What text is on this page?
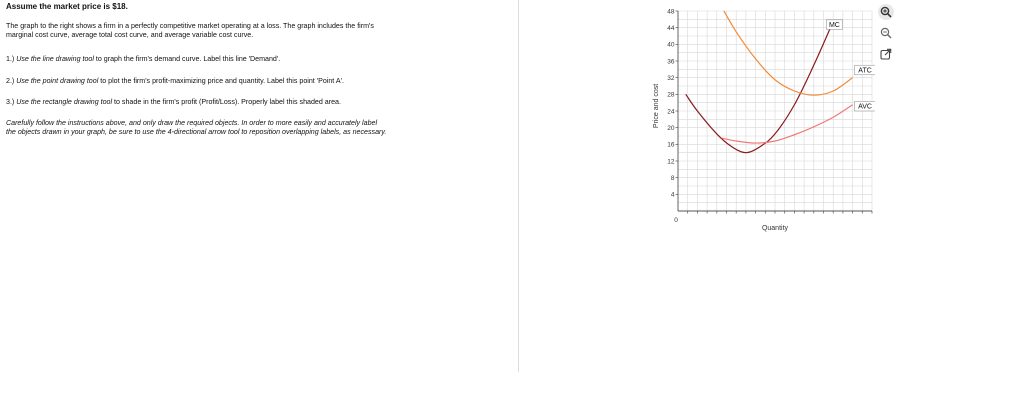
Assume the market price is $18.

The graph to the right shows a firm in a perfectly competitive market operating at a loss. The graph includes the firm's
marginal cost curve, average total cost curve, and average variable cost curve.

1.) Use the line drawing tool to graph the firm's demand curve. Label this line 'Demand'.

2.) Use the point drawing tool to plot the firm's profit-maximizing price and quantity. Label this point 'Point A'.

3.) Use the rectangle drawing tool to shade in the firm's profit (Profit/Loss). Properly label this shaded area.

Carefully follow the instructions above, and only draw the required objects. In order to more easily and accurately label
the objects drawn in your graph, be sure to use the 4-directional arrow tool to reposition overlapping labels, as necessary.

4
8
12
16
20
24
28
32
36
40
44
48
0
Quantity
Price and cost
MC
ATC
AVC
